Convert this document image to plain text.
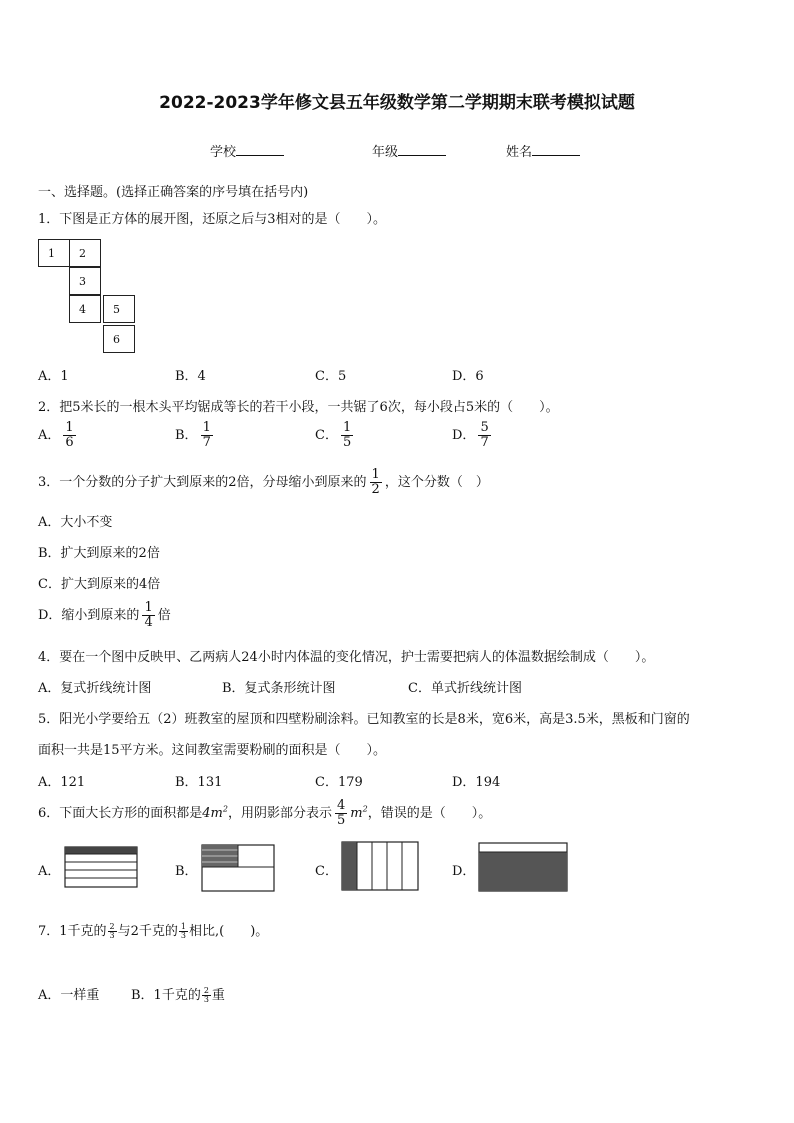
2022-2023学年修文县五年级数学第二学期期末联考模拟试题
学校	年级	姓名
一、选择题。(选择正确答案的序号填在括号内)
1．下图是正方体的展开图，还原之后与3相对的是（　　）。
1	2
3
4	5
6
A．1	B．4	C．5	D．6
2．把5米长的一根木头平均锯成等长的若干小段，一共锯了6次，每小段占5米的（　　）。
A． $\frac{1}{6}$	B． $\frac{1}{7}$	C． $\frac{1}{5}$	D． $\frac{5}{7}$
3．一个分数的分子扩大到原来的2倍，分母缩小到原来的 $\frac{1}{2}$ ，这个分数（　）
A．大小不变
B．扩大到原来的2倍
C．扩大到原来的4倍
D．缩小到原来的 $\frac{1}{4}$ 倍
4．要在一个图中反映甲、乙两病人24小时内体温的变化情况，护士需要把病人的体温数据绘制成（　　）。
A．复式折线统计图	B．复式条形统计图	C．单式折线统计图
5．阳光小学要给五（2）班教室的屋顶和四壁粉刷涂料。已知教室的长是8米，宽6米，高是3.5米，黑板和门窗的
面积一共是15平方米。这间教室需要粉刷的面积是（　　）。
A．121	B．131	C．179	D．194
6．下面大长方形的面积都是$4m^2$，用阴影部分表示 $\frac{4}{5} m^2$，错误的是（　　）。
A．	B．	C．	D．
7．1千克的 $\frac{2}{3}$ 与2千克的 $\frac{1}{3}$ 相比,(　　)。
A．一样重 B．1千克的 $\frac{2}{3}$ 重
